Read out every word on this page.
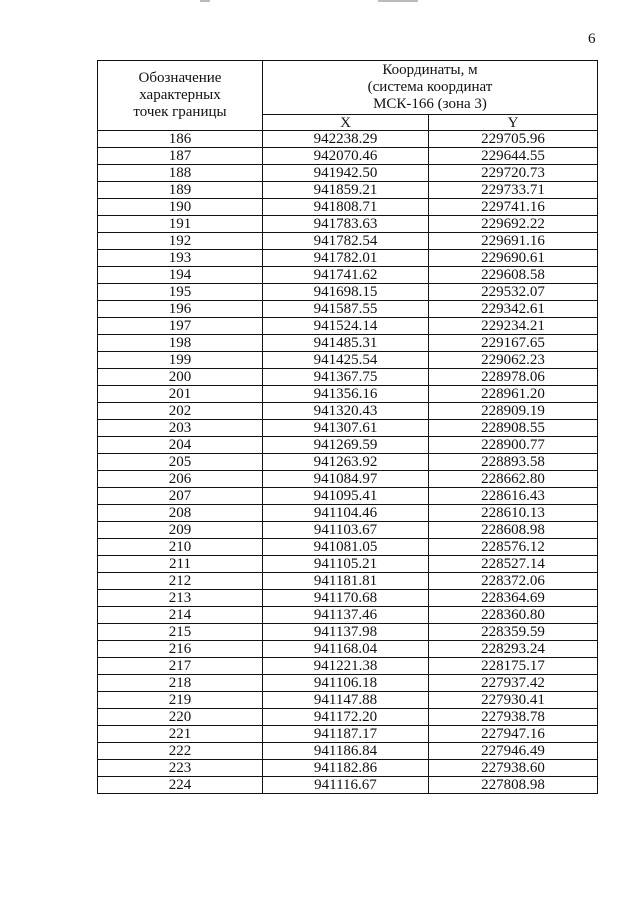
6
Обозначение
характерных
точек границы	Координаты, м
(система координат
МСК-166 (зона 3)	
	X	Y
186	942238.29	229705.96
187	942070.46	229644.55
188	941942.50	229720.73
189	941859.21	229733.71
190	941808.71	229741.16
191	941783.63	229692.22
192	941782.54	229691.16
193	941782.01	229690.61
194	941741.62	229608.58
195	941698.15	229532.07
196	941587.55	229342.61
197	941524.14	229234.21
198	941485.31	229167.65
199	941425.54	229062.23
200	941367.75	228978.06
201	941356.16	228961.20
202	941320.43	228909.19
203	941307.61	228908.55
204	941269.59	228900.77
205	941263.92	228893.58
206	941084.97	228662.80
207	941095.41	228616.43
208	941104.46	228610.13
209	941103.67	228608.98
210	941081.05	228576.12
211	941105.21	228527.14
212	941181.81	228372.06
213	941170.68	228364.69
214	941137.46	228360.80
215	941137.98	228359.59
216	941168.04	228293.24
217	941221.38	228175.17
218	941106.18	227937.42
219	941147.88	227930.41
220	941172.20	227938.78
221	941187.17	227947.16
222	941186.84	227946.49
223	941182.86	227938.60
224	941116.67	227808.98
